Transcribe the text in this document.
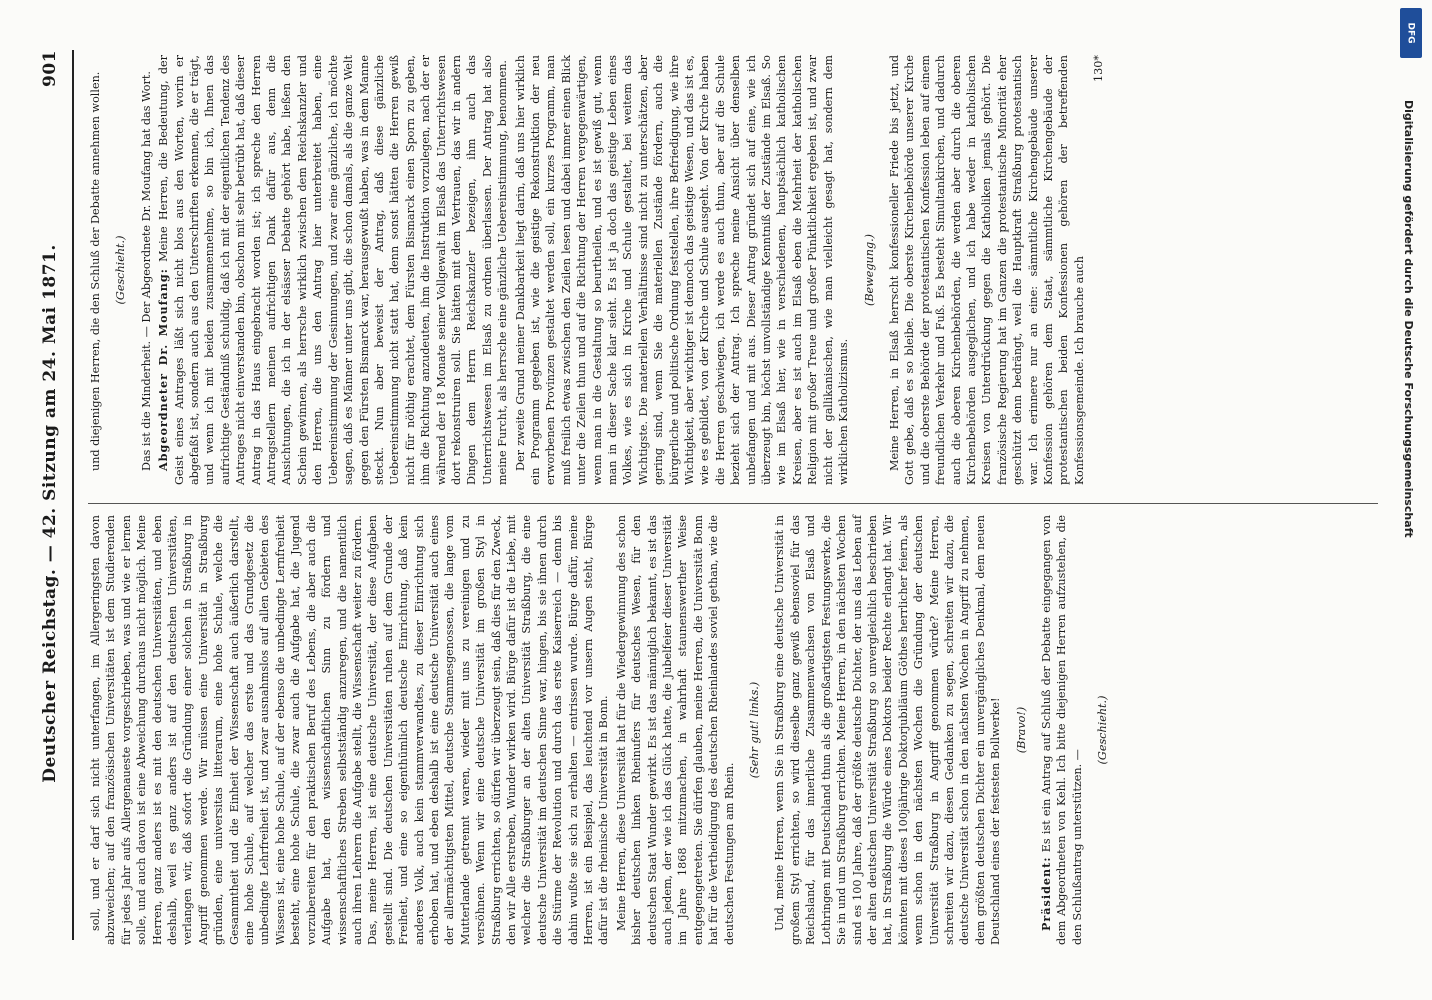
Deutscher Reichstag. — 42. Sitzung am 24. Mai 1871.
901

soll, und er darf sich nicht unterfangen, im Allergeringsten davon abzuweichen; auf den französischen Universitäten ist dem Studierenden für jedes Jahr aufs Allergenaueste vorgeschrieben, was und wie er lernen solle, und auch davon ist eine Abweichung durchaus nicht möglich. Meine Herren, ganz anders ist es mit den deutschen Universitäten, und eben deshalb, weil es ganz anders ist auf den deutschen Universitäten, verlangen wir, daß sofort die Gründung einer solchen in Straßburg in Angriff genommen werde. Wir müssen eine Universität in Straßburg gründen, eine universitas litterarum, eine hohe Schule, welche die Gesammtheit und die Einheit der Wissenschaft auch äußerlich darstellt, eine hohe Schule, auf welcher das erste und das Grundgesetz die unbedingte Lehrfreiheit ist, und zwar ausnahmslos auf allen Gebieten des Wissens ist, eine hohe Schule, auf der ebenso die unbedingte Lernfreiheit besteht, eine hohe Schule, die zwar auch die Aufgabe hat, die Jugend vorzubereiten für den praktischen Beruf des Lebens, die aber auch die Aufgabe hat, den wissenschaftlichen Sinn zu fördern und wissenschaftliches Streben selbstständig anzuregen, und die namentlich auch ihren Lehrern die Aufgabe stellt, die Wissenschaft weiter zu fördern. Das, meine Herren, ist eine deutsche Universität, der diese Aufgaben gestellt sind. Die deutschen Universitäten ruhen auf dem Grunde der Freiheit, und eine so eigenthümlich deutsche Einrichtung, daß kein anderes Volk, auch kein stammverwandtes, zu dieser Einrichtung sich erhoben hat, und eben deshalb ist eine deutsche Universität auch eines der allermächtigsten Mittel, deutsche Stammesgenossen, die lange vom Mutterlande getrennt waren, wieder mit uns zu vereinigen und zu versöhnen. Wenn wir eine deutsche Universität im großen Styl in Straßburg errichten, so dürfen wir überzeugt sein, daß dies für den Zweck, den wir Alle erstreben, Wunder wirken wird. Bürge dafür ist die Liebe, mit welcher die Straßburger an der alten Universität Straßburg, die eine deutsche Universität im deutschen Sinne war, hingen, bis sie ihnen durch die Stürme der Revolution und durch das erste Kaiserreich — denn bis dahin wußte sie sich zu erhalten — entrissen wurde. Bürge dafür, meine Herren, ist ein Beispiel, das leuchtend vor unsern Augen steht, Bürge dafür ist die rheinische Universität in Bonn. Meine Herren, diese Universität hat für die Wiedergewinnung des schon bisher deutschen linken Rheinufers für deutsches Wesen, für den deutschen Staat Wunder gewirkt. Es ist das männiglich bekannt, es ist das auch jedem, der wie ich das Glück hatte, die Jubelfeier dieser Universität im Jahre 1868 mitzumachen, in wahrhaft staunenswerther Weise entgegengetreten. Sie dürfen glauben, meine Herren, die Universität Bonn hat für die Vertheidigung des deutschen Rheinlandes soviel gethan, wie die deutschen Festungen am Rhein.

(Sehr gut! links.) Und, meine Herren, wenn Sie in Straßburg eine deutsche Universität in großem Styl errichten, so wird dieselbe ganz gewiß ebensoviel für das Reichsland, für das innerliche Zusammenwachsen von Elsaß und Lothringen mit Deutschland thun als die großartigsten Festungswerke, die Sie in und um Straßburg errichten. Meine Herren, in den nächsten Wochen sind es 100 Jahre, daß der größte deutsche Dichter, der uns das Leben auf der alten deutschen Universität Straßburg so unvergleichlich beschrieben hat, in Straßburg die Würde eines Doktors beider Rechte erlangt hat. Wir könnten mit dieses 100jährige Doktorjubiläum Göthes herrlicher feiern, als wenn schon in den nächsten Wochen die Gründung der deutschen Universität Straßburg in Angriff genommen würde? Meine Herren, schreiten wir dazu, diesen Gedanken zu segen, schreiten wir dazu, die deutsche Universität schon in den nächsten Wochen in Angriff zu nehmen, dem größten deutschen Dichter ein unvergängliches Denkmal, dem neuen Deutschland eines der festesten Bollwerke! (Bravo!)

Präsident: Es ist ein Antrag auf Schluß der Debatte eingegangen von dem Abgeordneten von Kehl. Ich bitte diejenigen Herren aufzustehen, die den Schlußantrag unterstützen. —

(Geschieht.)

und diejenigen Herren, die den Schluß der Debatte annehmen wollen. (Geschieht.) Das ist die Minderheit. — Der Abgeordnete Dr. Moufang hat das Wort. Abgeordneter Dr. Moufang: Meine Herren, die Bedeutung, der Geist eines Antrages läßt sich nicht blos aus den Worten, worin er abgefaßt ist, sondern auch aus den Unterschriften erkennen, die er trägt, und wenn ich mit beiden zusammennehme, so bin ich, Ihnen das aufrichtige Geständniß schuldig, daß ich mit der eigentlichen Tendenz des Antrages nicht einverstanden bin, obschon mit sehr betrübt hat, daß dieser Antrag in das Haus eingebracht worden ist; ich spreche den Herren Antragstellern meinen aufrichtigen Dank dafür aus, denn die Ansichtungen, die ich in der elsässer Debatte gehört habe, ließen den Schein gewinnen, als herrsche wirklich zwischen dem Reichskanzler und den Herren, die uns den Antrag hier unterbreitet haben, eine Uebereinstimmung der Gesinnungen, und zwar eine gänzliche, ich möchte sagen, daß es Männer unter uns gibt, die schon damals, als die ganze Welt gegen den Fürsten Bismarck war, herausgewußt haben, was in dem Manne steckt. Nun aber beweist der Antrag, daß diese gänzliche Uebereinstimmung nicht statt hat, denn sonst hätten die Herren gewiß nicht für nöthig erachtet, dem Fürsten Bismarck einen Sporn zu geben, ihm die Richtung anzudeuten, ihm die Instruktion vorzulegen, nach der er während der 18 Monate seiner Vollgewalt im Elsaß das Unterrichtswesen dort rekonstruiren soll. Sie hätten mit dem Vertrauen, das wir in andern Dingen dem Herrn Reichskanzler bezeigen, ihm auch das Unterrichtswesen im Elsaß zu ordnen überlassen. Der Antrag hat also meine Furcht, als herrsche eine gänzliche Uebereinstimmung, benommen. Der zweite Grund meiner Dankbarkeit liegt darin, daß uns hier wirklich ein Programm gegeben ist, wie die geistige Rekonstruktion der neu erworbenen Provinzen gestaltet werden soll, ein kurzes Programm, man muß freilich etwas zwischen den Zeilen lesen und dabei immer einen Blick unter die Zeilen thun und auf die Richtung der Herren vergegenwärtigen, wenn man in die Gestaltung so beurtheilen, und es ist gewiß gut, wenn man in dieser Sache klar sieht. Es ist ja doch das geistige Leben eines Volkes, wie es sich in Kirche und Schule gestaltet, bei weitem das Wichtigste. Die materiellen Verhältnisse sind nicht zu unterschätzen, aber gering sind, wenn Sie die materiellen Zustände fördern, auch die bürgerliche und politische Ordnung feststellen, ihre Befriedigung, wie ihre Wichtigkeit, aber wichtiger ist dennoch das geistige Wesen, und das ist es, wie es gebildet, von der Kirche und Schule ausgeht. Von der Kirche haben die Herren geschwiegen, ich werde es auch thun, aber auf die Schule bezieht sich der Antrag. Ich spreche meine Ansicht über denselben unbefangen und mit aus. Dieser Antrag gründet sich auf eine, wie ich überzeugt bin, höchst unvollständige Kenntniß der Zustände im Elsaß. So wie im Elsaß hier, wie in verschiedenen, hauptsächlich katholischen Kreisen, aber es ist auch im Elsaß eben die Mehrheit der katholischen Religion mit großer Treue und großer Pünktlichkeit ergeben ist, und zwar nicht der gallikanischen, wie man vielleicht gesagt hat, sondern dem wirklichen Katholizismus.

(Bewegung.) Meine Herren, in Elsaß herrscht konfessioneller Friede bis jetzt, und Gott gebe, daß es so bleibe. Die oberste Kirchenbehörde unserer Kirche und die oberste Behörde der protestantischen Konfession leben auf einem freundlichen Verkehr und Fuß. Es besteht Simultankirchen, und dadurch auch die oberen Kirchenbehörden, die werden aber durch die oberen Kirchenbehörden ausgeglichen, und ich habe weder in katholischen Kreisen von Unterdrückung gegen die Katholiken jemals gehört. Die französische Regierung hat im Ganzen die protestantische Minorität eher geschützt denn bedrängt, weil die Hauptkraft Straßburg protestantisch war. Ich erinnere nur an eine: sämmtliche Kirchengebäude unserer Konfession gehören dem Staat, sämmtliche Kirchengebäude der protestantischen beiden Konfessionen gehören der betreffenden Konfessionsgemeinde. Ich brauche auch

130*

Digitalisierung gefördert durch die Deutsche Forschungsgemeinschaft
DFG
